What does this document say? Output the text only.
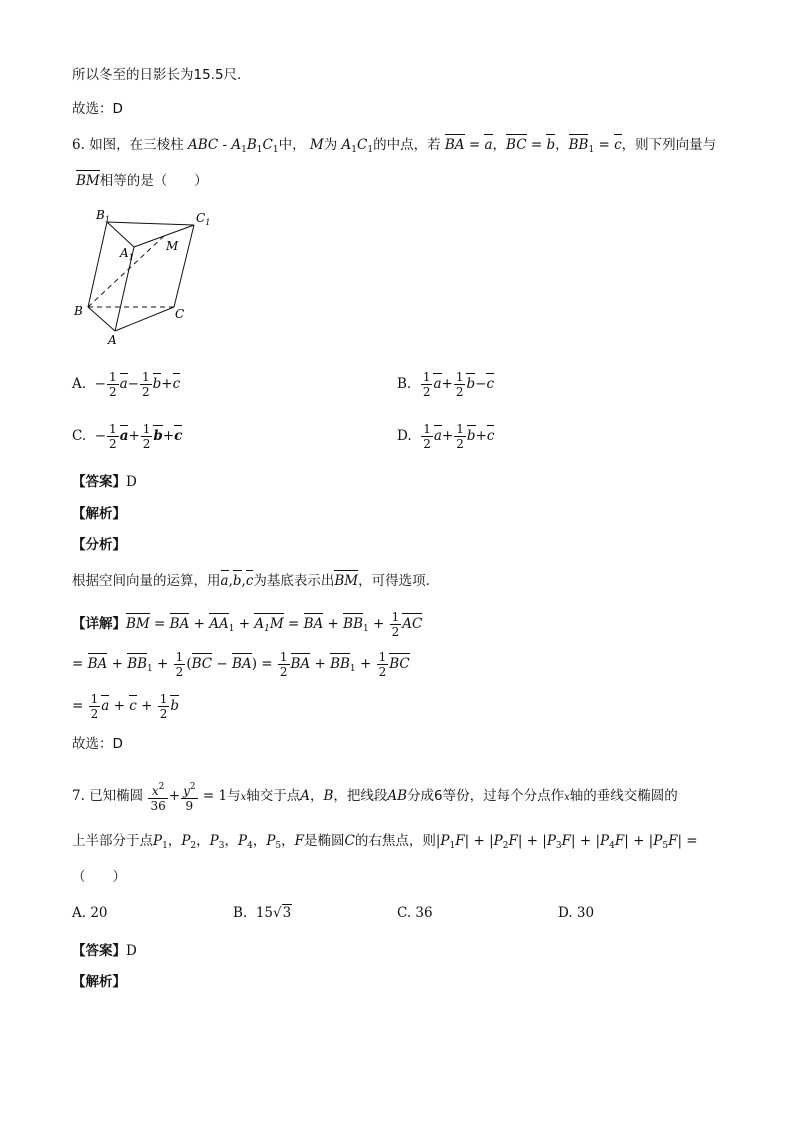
所以冬至的日影长为15.5尺.
故选：D
6. 如图，在三棱柱 ABC - $A_1B_1C_1$中， M为 $A_1C_1$的中点，若 BA = a，BC = b，$BB_1 = c$，则下列向量与
BM相等的是（　　）
$B_1$	$C_1$
$A_1$
M
B	C
A
A.  − $\frac{1}{2} a- \frac{1}{2} b+c$	B. $\frac{1}{2} a+ \frac{1}{2} b-c$
C.  − $\frac{1}{2} a+ \frac{1}{2} b+c$	D. $\frac{1}{2} a+ \frac{1}{2} b+c$
【答案】D
【解析】
【分析】
根据空间向量的运算，用a,b,c为基底表示出BM，可得选项.
【详解】BM = BA + $AA_1 + A_1M$ = BA + $BB_1 + \frac{1}{2}$ AC
= BA + $BB_1 + \frac{1}{2} (BC - BA) = \frac{1}{2}$ BA + $BB_1 + \frac{1}{2}$ BC
= $\frac{1}{2}$ $a + c + \frac{1}{2}$ b
故选：D
7. 已知椭圆 $\frac{x^2}{36} + \frac{y^2}{9} = 1$与x轴交于点A，B，把线段AB分成6等份，过每个分点作x轴的垂线交椭圆的
上半部分于点$P_1$，$P_2$，$P_3$，$P_4$，$P_5$，F是椭圆C的右焦点，则$|P_1F| + |P_2F| + |P_3F| + |P_4F| + |P_5F|$ =
（　　）
A. 20	B. 15√3	C. 36	D. 30
【答案】D
【解析】
